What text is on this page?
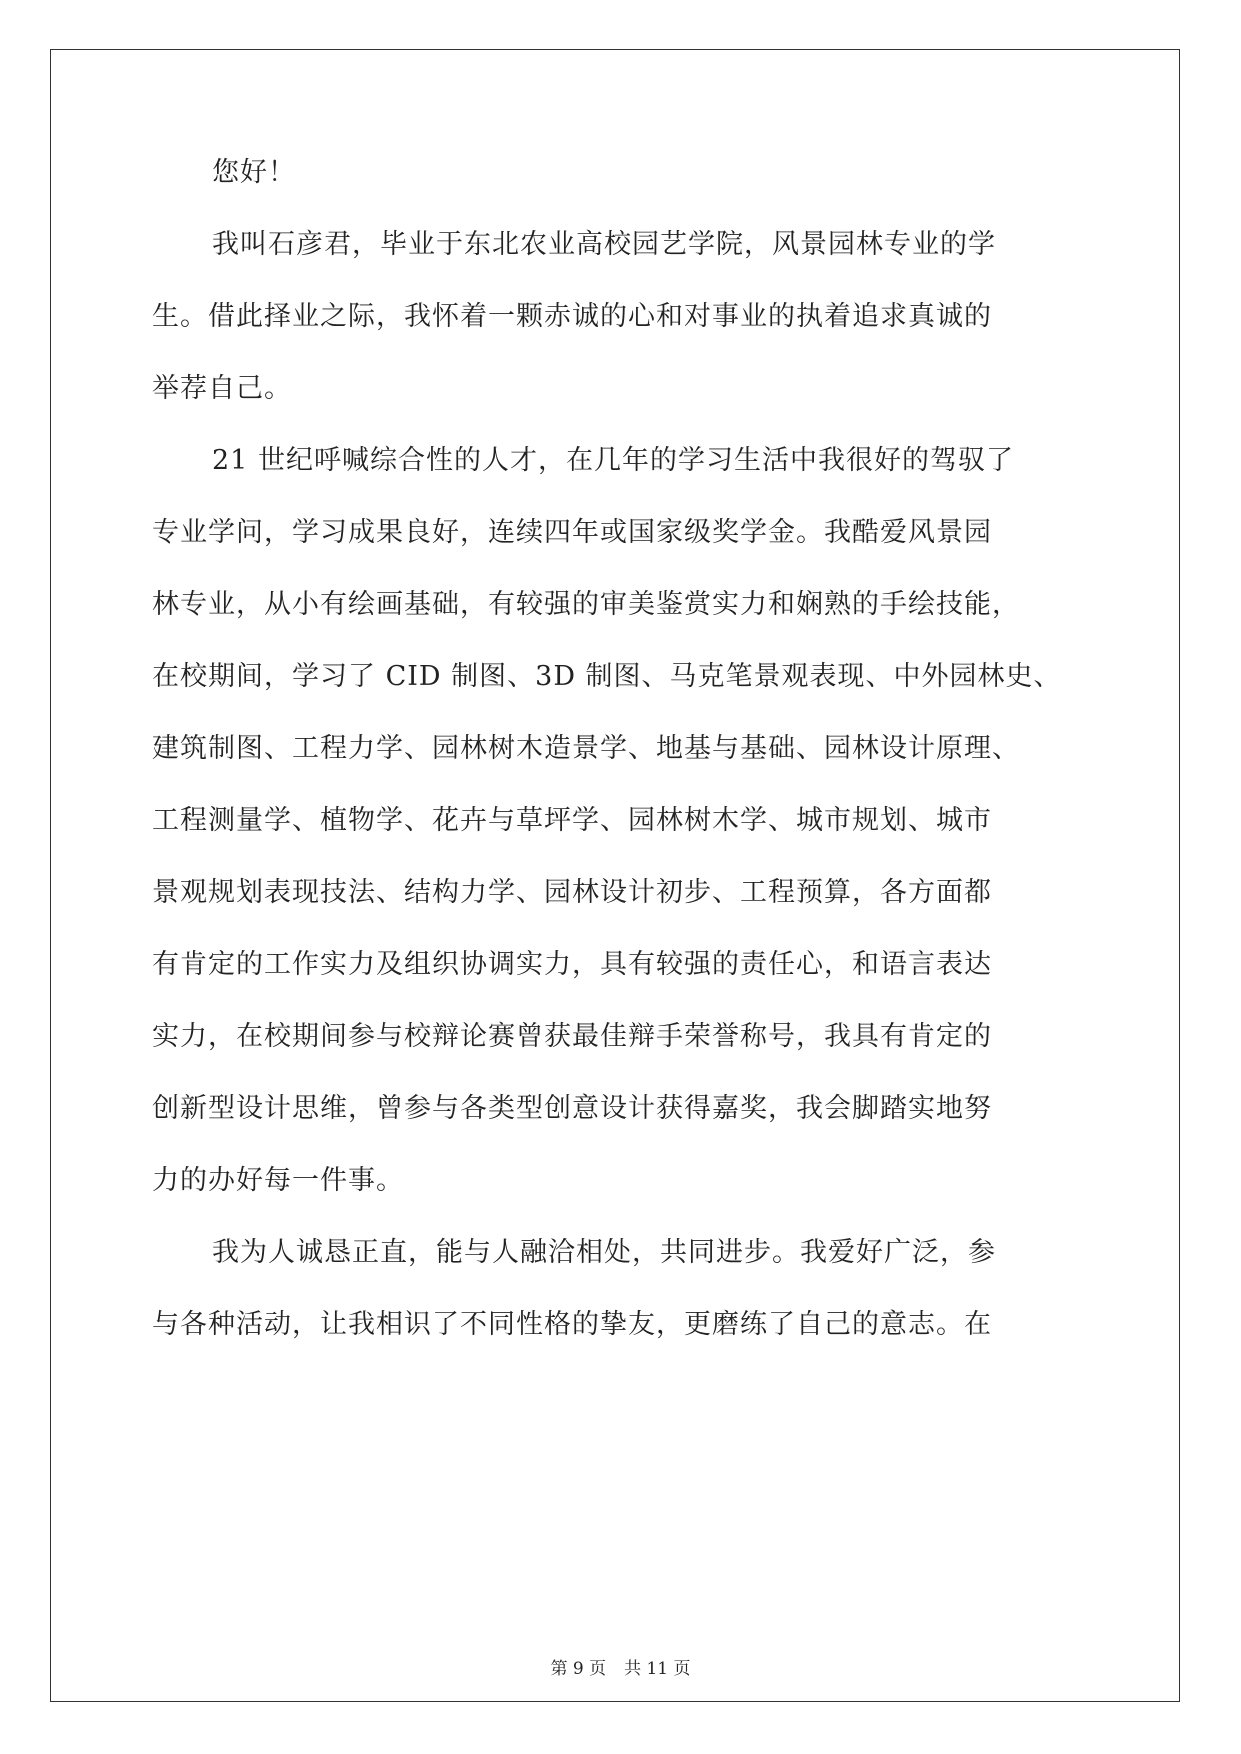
您好！
我叫石彦君，毕业于东北农业高校园艺学院，风景园林专业的学
生。借此择业之际，我怀着一颗赤诚的心和对事业的执着追求真诚的
举荐自己。
21 世纪呼喊综合性的人才，在几年的学习生活中我很好的驾驭了
专业学问，学习成果良好，连续四年或国家级奖学金。我酷爱风景园
林专业，从小有绘画基础，有较强的审美鉴赏实力和娴熟的手绘技能，
在校期间，学习了 CID 制图、3D 制图、马克笔景观表现、中外园林史、
建筑制图、工程力学、园林树木造景学、地基与基础、园林设计原理、
工程测量学、植物学、花卉与草坪学、园林树木学、城市规划、城市
景观规划表现技法、结构力学、园林设计初步、工程预算，各方面都
有肯定的工作实力及组织协调实力，具有较强的责任心，和语言表达
实力，在校期间参与校辩论赛曾获最佳辩手荣誉称号，我具有肯定的
创新型设计思维，曾参与各类型创意设计获得嘉奖，我会脚踏实地努
力的办好每一件事。
我为人诚恳正直，能与人融洽相处，共同进步。我爱好广泛，参
与各种活动，让我相识了不同性格的挚友，更磨练了自己的意志。在
第 9 页 共 11 页
